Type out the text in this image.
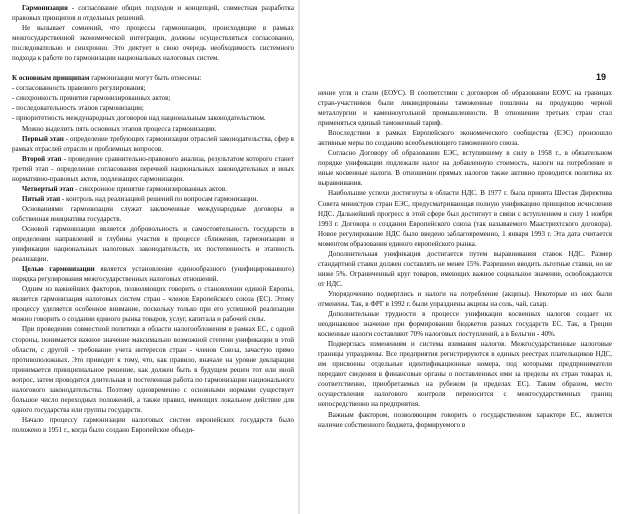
Гармонизация - согласование общих подходов и концепций, совместная разработка правовых принципов и отдельных решений.

Не вызывает сомнений, что процессы гармонизации, происходящие в рамках межгосударственной экономической интеграции, должны осуществляться согласованно, последовательно и синхронно. Это диктует в свою очередь необходимость системного подхода к работе по гармонизации национальных налоговых систем.

К основным принципам гармонизации могут быть отнесены:

- согласованность правового регулирования;

- синхронность принятия гармонизированных актов;

- последовательность этапов гармонизации;

- приоритетность международных договоров над национальным законодательством.

Можно выделить пять основных этапов процесса гармонизации.

Первый этап - определение требующих гармонизации отраслей законодательства, сфер в рамках отраслей отрасли и проблемных вопросов.

Второй этап - проведение сравнительно-правового анализа, результатом которого станет третий этап - определение согласования перечней национальных законодательных и иных нормативно-правовых актов, подлежащих гармонизации.

Четвертый этап - синхронное принятие гармонизированных актов.

Пятый этап - контроль над реализацией решений по вопросам гармонизации.

Основаниями гармонизации служат заключенные международные договоры и собственная инициатива государств.

Основой гармонизации является добровольность и самостоятельность государств в определении направлений и глубины участия в процессе сближения, гармонизации и унификации национальных налоговых законодательств, их постепенность и этапность реализации.

Целью гармонизации является установление единообразного (унифицированного) порядка регулирования межгосударственных налоговых отношений.

Одним из важнейших факторов, позволяющих говорить о становлении единой Европы, является гармонизация налоговых систем стран - членов Европейского союза (ЕС). Этому процессу уделяется особенное внимание, поскольку только при его успешной реализации можно говорить о создании единого рынка товаров, услуг, капитала и рабочей силы.

При проведении совместной политики в области налогообложения в рамках ЕС, с одной стороны, понимается важное значение максимально возможной степени унификации в этой области, с другой - требование учета интересов стран - членов Союза, зачастую прямо противоположных. Это приводит к тому, что, как правило, вначале на уровне декларации принимается принципиальное решение, как должен быть в будущем решен тот или иной вопрос, затем проводится длительная и постепенная работа по гармонизации национального налогового законодательства. Поэтому одновременно с основными нормами существует большое число переходных положений, а также правил, имеющих локальное действие для одного государства или группы государств.

Начало процессу гармонизации налоговых систем европейских государств было положено в 1951 г., когда было создано Европейское объеди-

19

нение угля и стали (ЕОУС). В соответствии с договором об образовании ЕОУС на границах стран-участников были ликвидированы таможенные пошлины на продукцию черной металлургии и каменноугольной промышленности. В отношении третьих стран стал применяться единый таможенный тариф.

Впоследствии в рамках Европейского экономического сообщества (ЕЭС) произошло активные меры по созданию всеобъемлющего таможенного союза.

Согласно Договору об образовании ЕЭС, вступившему в силу в 1958 г., в обязательном порядке унификации подлежали налог на добавленную стоимость, налоги на потребление и иные косвенные налоги. В отношении прямых налогов также активно проводится политика их выравнивания.

Наибольшие успехи достигнуты в области НДС. В 1977 г. была принята Шестая Директива Совета министров стран ЕЭС, предусматривающая полную унификацию принципов исчисления НДС. Дальнейший прогресс в этой сфере был достигнут в связи с вступлением в силу 1 ноября 1993 г. Договора о создании Европейского союза (так называемого Маастрихтского договора). Новое регулирование НДС было введено заблаговременно, 1 января 1993 г. Эта дата считается моментом образования единого европейского рынка.

Дополнительная унификация достигается путем выравнивания ставок НДС. Размер стандартной ставки должен составлять не менее 15%. Разрешено вводить льготные ставки, но не ниже 5%. Ограниченный круг товаров, имеющих важное социальное значение, освобождаются от НДС.

Упорядочению подверглись и налоги на потребление (акцизы). Некоторые из них были отменены. Так, в ФРГ в 1992 г. были упразднены акцизы на соль, чай, сахар.

Дополнительные трудности в процессе унификации косвенных налогов создает их неодинаковое значение при формировании бюджетов разных государств ЕС. Так, в Греции косвенные налоги составляют 70% налоговых поступлений, а в Бельгии - 40%.

Подверглась изменениям и система взимания налогов. Межгосударственные налоговые границы упразднены. Все предприятия регистрируются в единых реестрах плательщиков НДС, им присвоены отдельные идентификационные номера, под которыми предприниматели передают сведения в финансовые органы о поставленных ими за пределы их стран товарах и, соответственно, приобретаемых на рубежом (в пределах ЕС). Таким образом, место осуществления налогового контроля переносится с межгосударственных границ непосредственно на предприятия.

Важным фактором, позволяющим говорить о государственном характере ЕС, является наличие собственного бюджета, формируемого в
